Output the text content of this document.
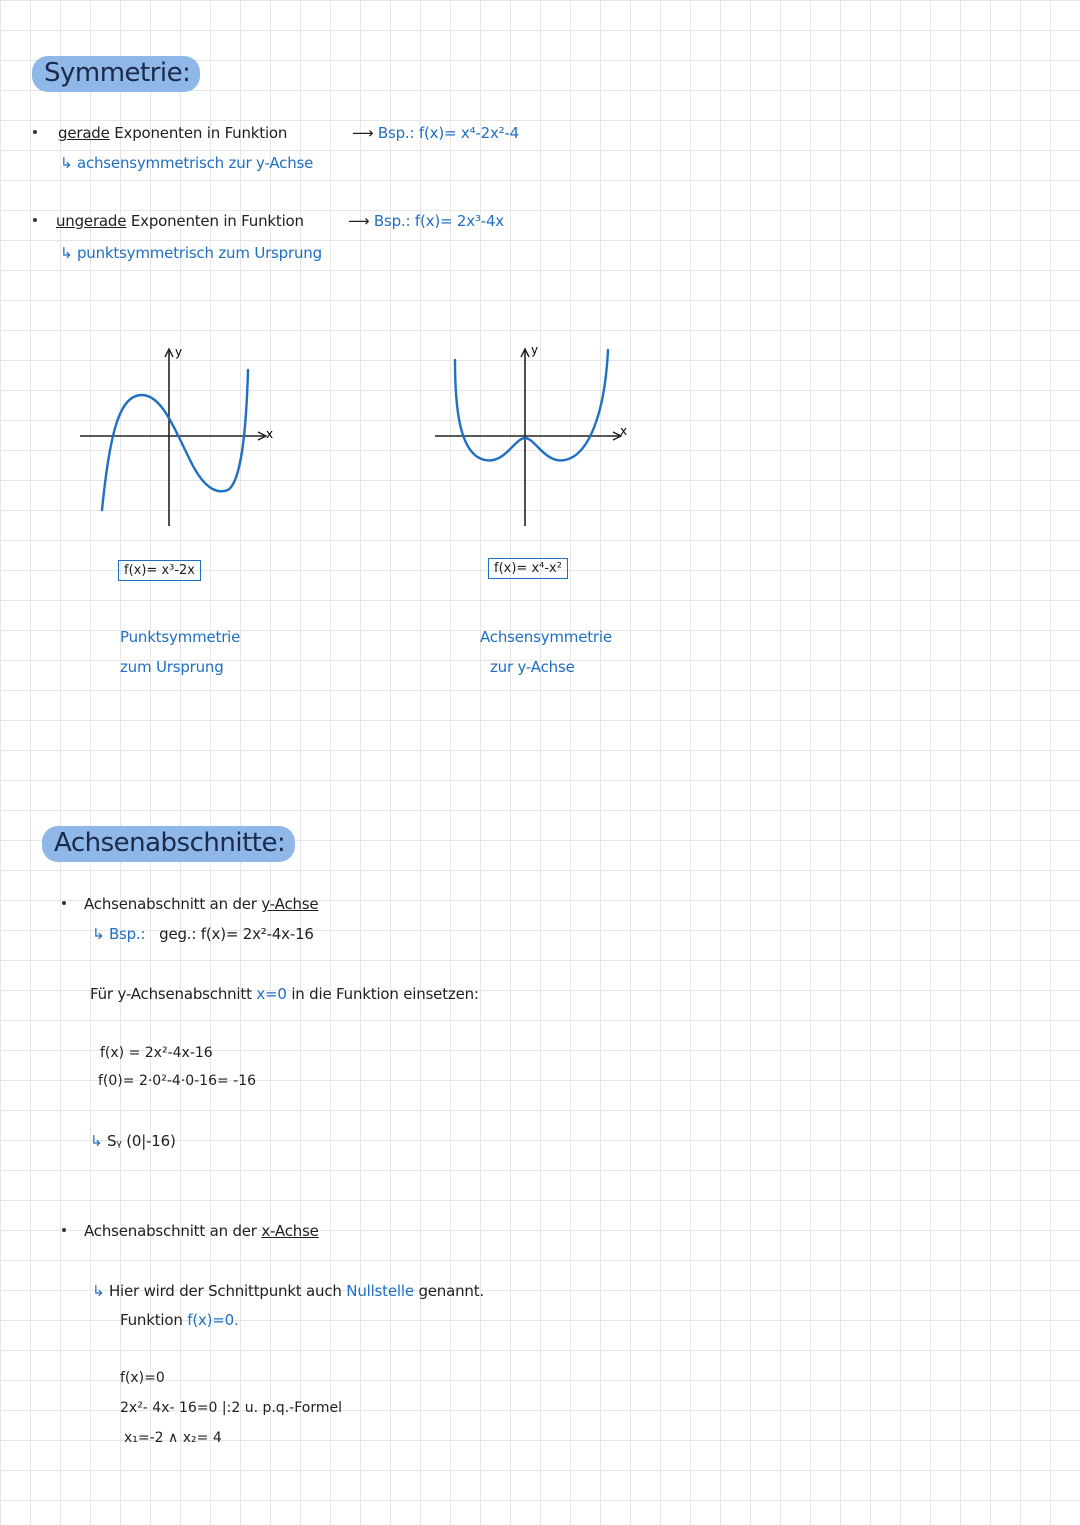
Symmetrie:
gerade Exponenten in Funktion
↳ achsensymmetrisch zur y-Achse
⟶ Bsp.: f(x)= x⁴-2x²-4
ungerade Exponenten in Funktion
↳ punktsymmetrisch zum Ursprung
⟶ Bsp.: f(x)= 2x³-4x
x
y
x
y
f(x)= x³-2x	f(x)= x⁴-x²
Punktsymmetrie
zum Ursprung
Achsensymmetrie
zur y-Achse
Achsenabschnitte:
Achsenabschnitt an der y-Achse
↳ Bsp.: geg.: f(x)= 2x²-4x-16
Für y-Achsenabschnitt x=0 in die Funktion einsetzen:
f(x) = 2x²-4x-16
f(0)= 2·0²-4·0-16= -16
↳ Sᵧ (0|-16)
Achsenabschnitt an der x-Achse
↳ Hier wird der Schnittpunkt auch Nullstelle genannt.
Funktion f(x)=0.
f(x)=0
2x²- 4x- 16=0 |:2 u. p.q.-Formel
x₁=-2 ∧ x₂= 4
